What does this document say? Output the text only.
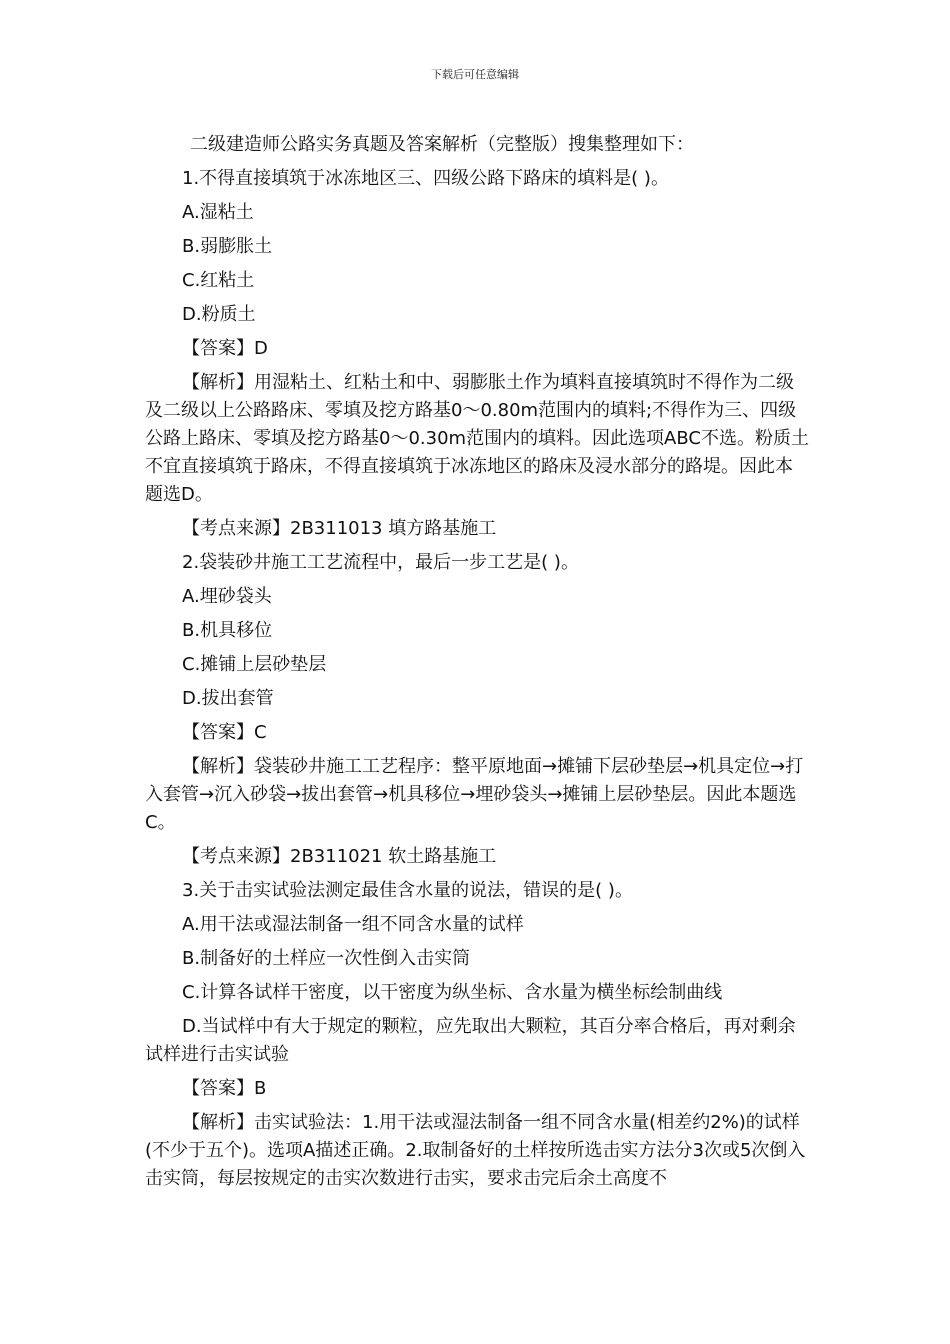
下载后可任意编辑

二级建造师公路实务真题及答案解析（完整版）搜集整理如下：

1.不得直接填筑于冰冻地区三、四级公路下路床的填料是( )。

A.湿粘土

B.弱膨胀土

C.红粘土

D.粉质土

【答案】D

【解析】用湿粘土、红粘土和中、弱膨胀土作为填料直接填筑时不得作为二级及二级以上公路路床、零填及挖方路基0～0.80m范围内的填料;不得作为三、四级公路上路床、零填及挖方路基0～0.30m范围内的填料。因此选项ABC不选。粉质土不宜直接填筑于路床，不得直接填筑于冰冻地区的路床及浸水部分的路堤。因此本题选D。

【考点来源】2B311013 填方路基施工

2.袋装砂井施工工艺流程中，最后一步工艺是( )。

A.埋砂袋头

B.机具移位

C.摊铺上层砂垫层

D.拔出套管

【答案】C

【解析】袋装砂井施工工艺程序：整平原地面→摊铺下层砂垫层→机具定位→打入套管→沉入砂袋→拔出套管→机具移位→埋砂袋头→摊铺上层砂垫层。因此本题选C。

【考点来源】2B311021 软土路基施工

3.关于击实试验法测定最佳含水量的说法，错误的是( )。

A.用干法或湿法制备一组不同含水量的试样

B.制备好的土样应一次性倒入击实筒

C.计算各试样干密度，以干密度为纵坐标、含水量为横坐标绘制曲线

D.当试样中有大于规定的颗粒，应先取出大颗粒，其百分率合格后，再对剩余试样进行击实试验

【答案】B

【解析】击实试验法：1.用干法或湿法制备一组不同含水量(相差约2%)的试样(不少于五个)。选项A描述正确。2.取制备好的土样按所选击实方法分3次或5次倒入击实筒，每层按规定的击实次数进行击实，要求击完后余土高度不
